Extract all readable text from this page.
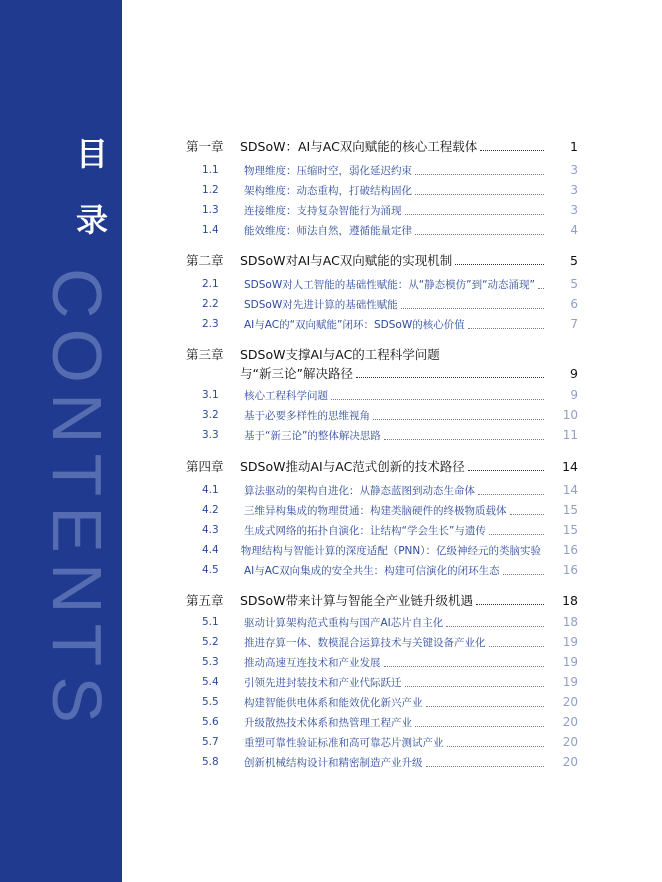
目
录
CONTENTS
第一章	SDSoW：AI与AC双向赋能的核心工程载体	1
1.1	物理维度：压缩时空，弱化延迟约束	3
1.2	架构维度：动态重构，打破结构固化	3
1.3	连接维度：支持复杂智能行为涌现	3
1.4	能效维度：师法自然，遵循能量定律	4
第二章	SDSoW对AI与AC双向赋能的实现机制	5
2.1	SDSoW对人工智能的基础性赋能：从“静态模仿”到“动态涌现”	5
2.2	SDSoW对先进计算的基础性赋能	6
2.3	AI与AC的“双向赋能”闭环：SDSoW的核心价值	7
第三章	SDSoW支撑AI与AC的工程科学问题
与“新三论”解决路径	9
3.1	核心工程科学问题	9
3.2	基于必要多样性的思维视角	10
3.3	基于“新三论”的整体解决思路	11
第四章	SDSoW推动AI与AC范式创新的技术路径	14
4.1	算法驱动的架构自进化：从静态蓝图到动态生命体	14
4.2	三维异构集成的物理贯通：构建类脑硬件的终极物质载体	15
4.3	生成式网络的拓扑自演化：让结构“学会生长”与遗传	15
4.4	物理结构与智能计算的深度适配（PNN）：亿级神经元的类脑实验	16
4.5	AI与AC双向集成的安全共生：构建可信演化的闭环生态	16
第五章	SDSoW带来计算与智能全产业链升级机遇	18
5.1	驱动计算架构范式重构与国产AI芯片自主化	18
5.2	推进存算一体、数模混合运算技术与关键设备产业化	19
5.3	推动高速互连技术和产业发展	19
5.4	引领先进封装技术和产业代际跃迁	19
5.5	构建智能供电体系和能效优化新兴产业	20
5.6	升级散热技术体系和热管理工程产业	20
5.7	重塑可靠性验证标准和高可靠芯片测试产业	20
5.8	创新机械结构设计和精密制造产业升级	20
